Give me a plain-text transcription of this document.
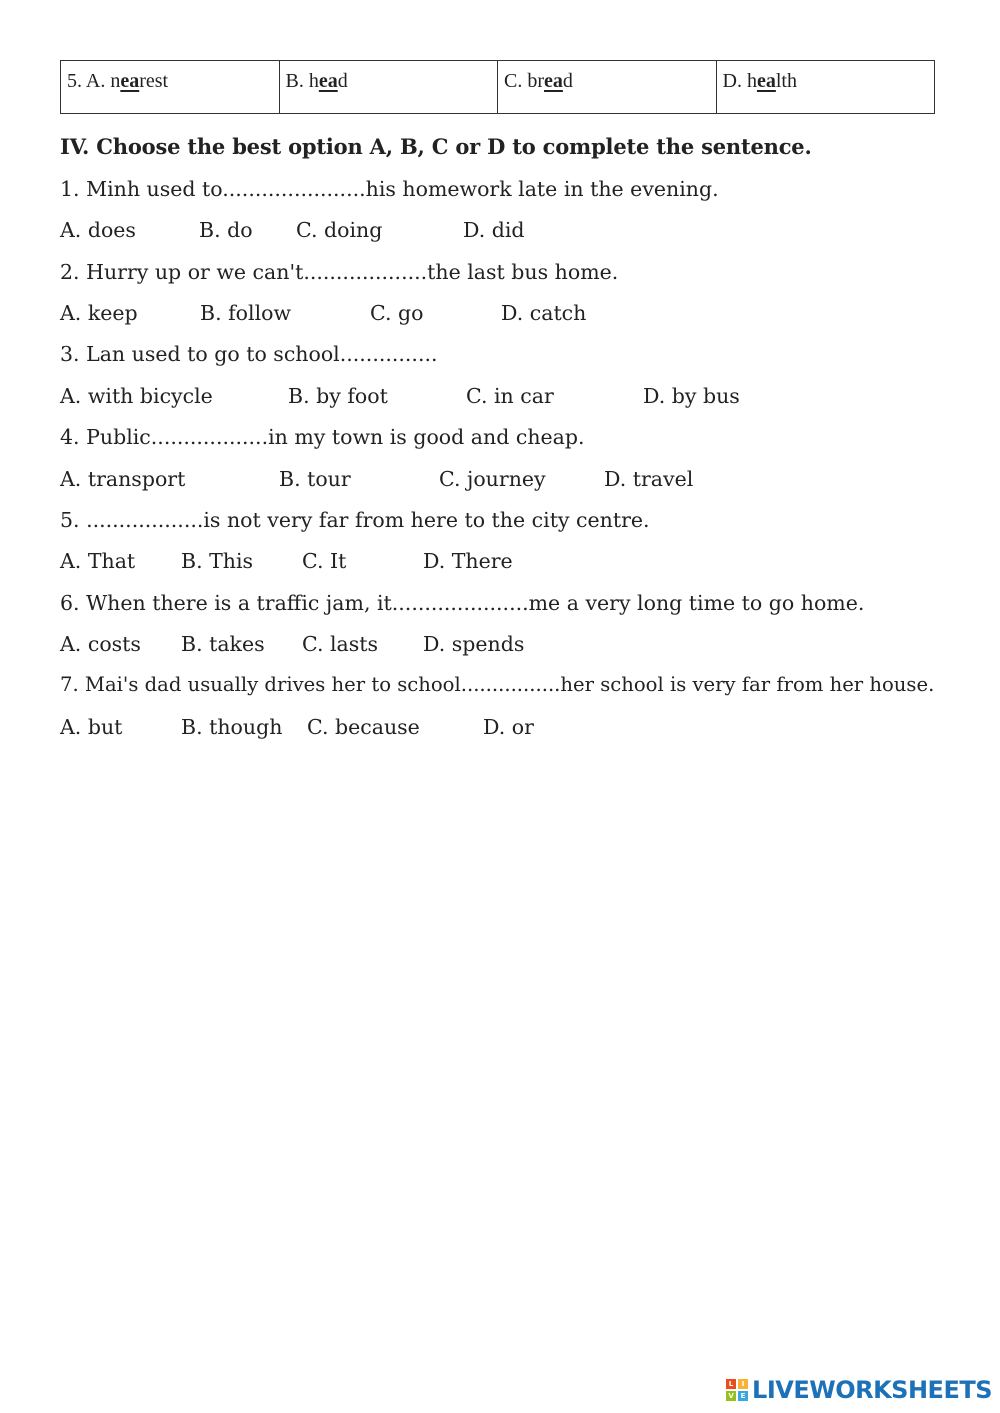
5. A. nearest	B. head	C. bread	D. health
IV. Choose the best option A, B, C or D to complete the sentence.
1. Minh used to......................his homework late in the evening.
A. does	B. do C. doing	D. did
2. Hurry up or we can't...................the last bus home.
A. keep	B. follow	C. go	D. catch
3. Lan used to go to school...............
A. with bicycle	B. by foot	C. in car	D. by bus
4. Public..................in my town is good and cheap.
A. transport	B. tour	C. journey	D. travel
5. ..................is not very far from here to the city centre.
A. That B. This C. It	D. There
6. When there is a traffic jam, it.....................me a very long time to go home.
A. costs B. takes C. lasts D. spends
7. Mai's dad usually drives her to school................her school is very far from her house.
A. but	B. though C. because	D. or
L	I
V E LIVEWORKSHEETS
